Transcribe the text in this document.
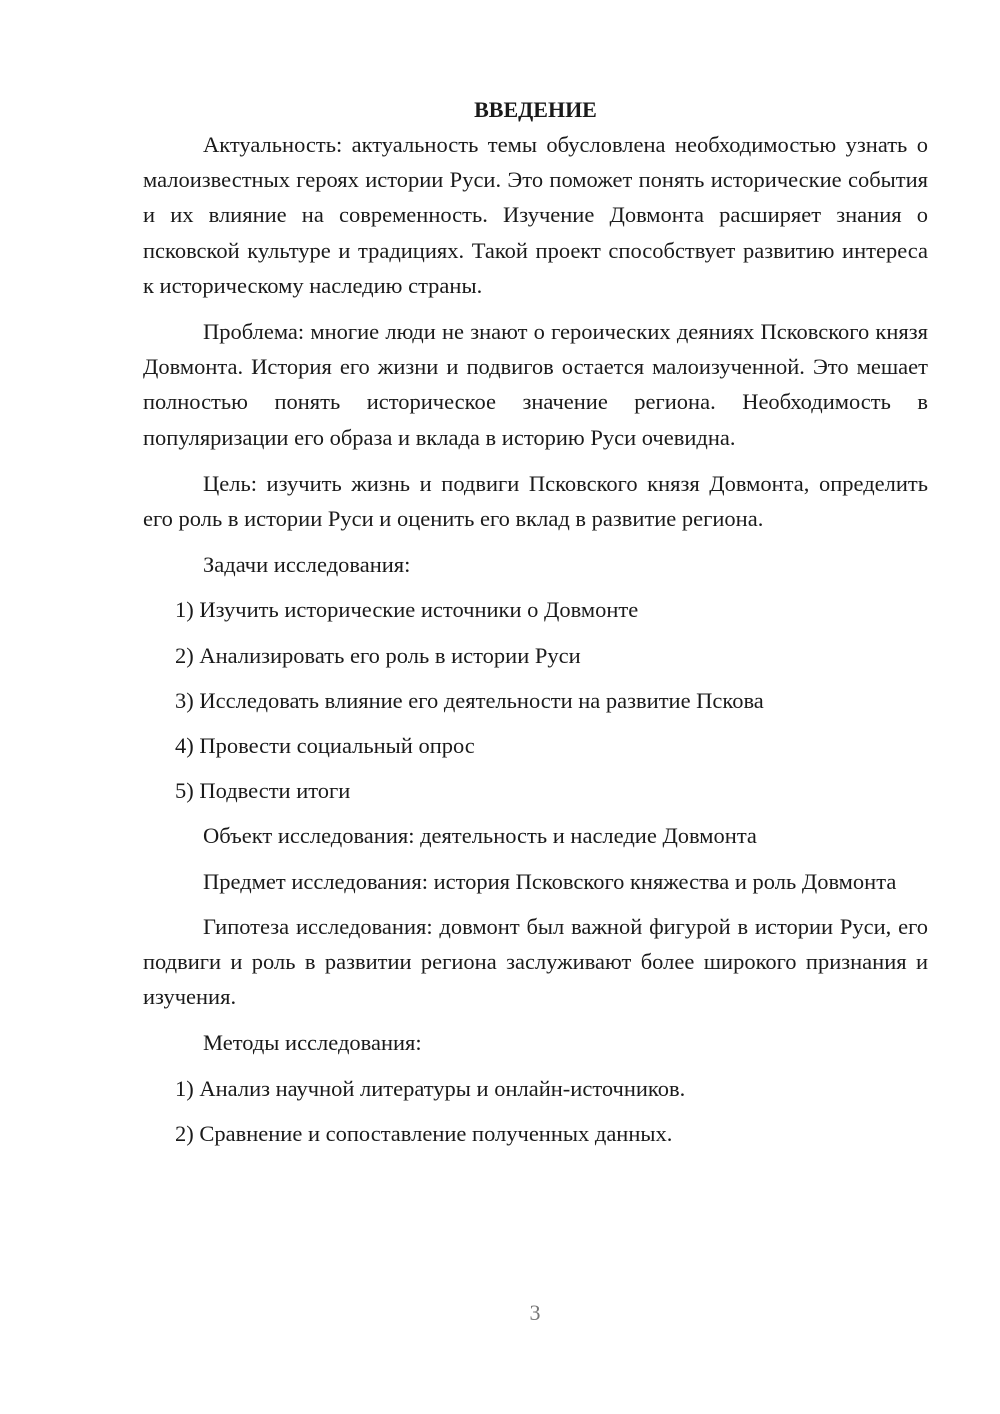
ВВЕДЕНИЕ

Актуальность: актуальность темы обусловлена необходимостью узнать о малоизвестных героях истории Руси. Это поможет понять исторические события и их влияние на современность. Изучение Довмонта расширяет знания о псковской культуре и традициях. Такой проект способствует развитию интереса к историческому наследию страны.

Проблема: многие люди не знают о героических деяниях Псковского князя Довмонта. История его жизни и подвигов остается малоизученной. Это мешает полностью понять историческое значение региона. Необходимость в популяризации его образа и вклада в историю Руси очевидна.

Цель: изучить жизнь и подвиги Псковского князя Довмонта, определить его роль в истории Руси и оценить его вклад в развитие региона.

Задачи исследования:
1) Изучить исторические источники о Довмонте
2) Анализировать его роль в истории Руси
3) Исследовать влияние его деятельности на развитие Пскова
4) Провести социальный опрос
5) Подвести итоги
Объект исследования: деятельность и наследие Довмонта

Предмет исследования: история Псковского княжества и роль Довмонта

Гипотеза исследования: довмонт был важной фигурой в истории Руси, его подвиги и роль в развитии региона заслуживают более широкого признания и изучения.

Методы исследования:
1) Анализ научной литературы и онлайн-источников.
2) Сравнение и сопоставление полученных данных.
3
